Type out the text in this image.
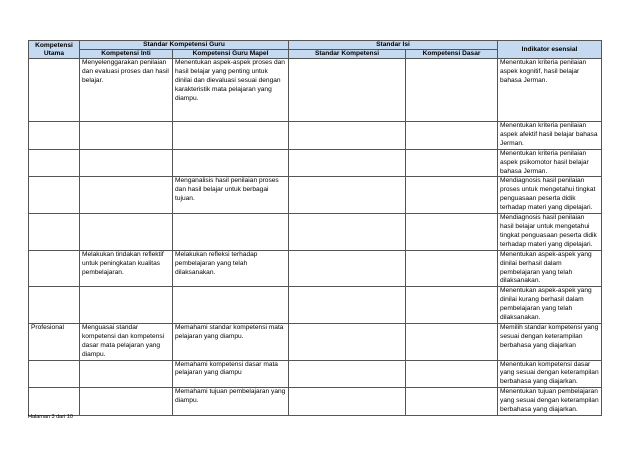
Kompetensi Utama	Standar Kompetensi Guru		Standar Isi		Indikator esensial
	Kompetensi Inti	Kompetensi Guru Mapel	Standar Kompetensi	Kompetensi Dasar	
	Menyelenggarakan penilaian dan evaluasi proses dan hasil belajar.	Menentukan aspek-aspek proses dan hasil belajar yang penting untuk dinilai dan dievaluasi sesuai dengan karakteristik mata pelajaran yang diampu.			Menentukan kriteria penilaian aspek kognitif, hasil belajar bahasa Jerman.
					Menentukan kriteria penilaian aspek afektif hasil belajar bahasa Jerman.
					Menentukan kriteria penilaian aspek psikomotor hasil belajar bahasa Jerman.
		Menganalisis hasil penilaian proses dan hasil belajar untuk berbagai tujuan.			Mendiagnosis hasil penilaian proses untuk mengetahui tingkat penguasaan peserta didik terhadap materi yang dipelajari.
					Mendiagnosis hasil penilaian hasil belajar untuk mengetahui tingkat penguasaan peserta didik terhadap materi yang dipelajari.
	Melakukan tindakan reflektif untuk peningkatan kualitas pembelajaran.	Melakukan refleksi terhadap pembelajaran yang telah dilaksanakan.			Menentukan aspek-aspek yang dinilai berhasil dalam pembelajaran yang telah dilaksanakan.
					Menentukan aspek-aspek yang dinilai kurang berhasil dalam pembelajaran yang telah dilaksanakan.
Profesional	Menguasai standar kompetensi dan kompetensi dasar mata pelajaran yang diampu.	Memahami standar kompetensi mata pelajaran yang diampu.			Memilih standar kompetensi yang sesuai dengan keterampilan berbahasa yang diajarkan
		Memahami kompetensi dasar mata pelajaran yang diampu			Menentukan kompetensi dasar yang sesuai dengan keterampilan berbahasa yang diajarkan.
		Memahami tujuan pembelajaran yang diampu.			Menentukan tujuan pembelajaran yang sesuai dengan keterampilan berbahasa yang diajarkan.
Halaman 3 dari 10
